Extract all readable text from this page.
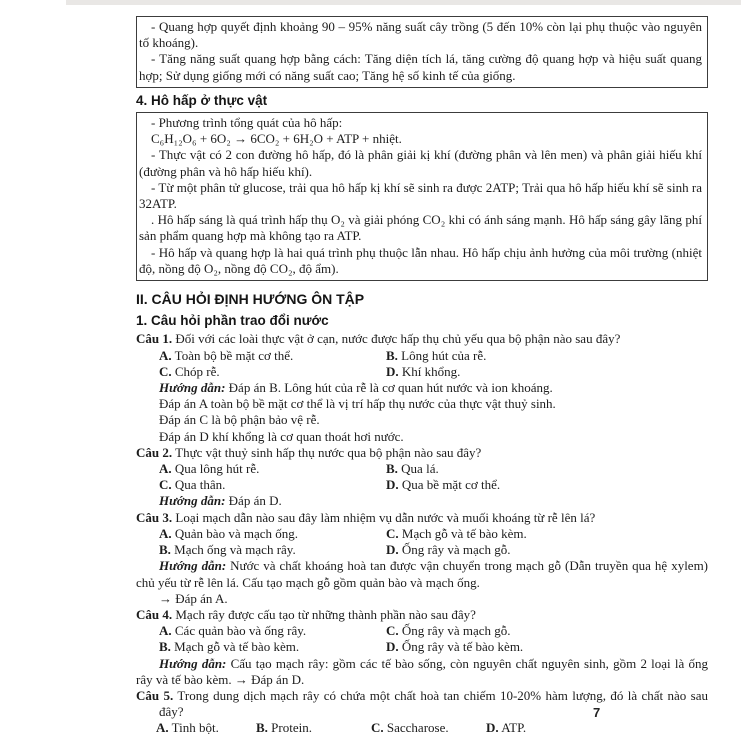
- Quang hợp quyết định khoảng 90 – 95% năng suất cây trồng (5 đến 10% còn lại phụ thuộc vào nguyên tố khoáng).

- Tăng năng suất quang hợp bằng cách: Tăng diện tích lá, tăng cường độ quang hợp và hiệu suất quang hợp; Sử dụng giống mới có năng suất cao; Tăng hệ số kinh tế của giống.

4. Hô hấp ở thực vật

- Phương trình tổng quát của hô hấp:

C₆H₁₂O₆ + 6O₂ → 6CO₂ + 6H₂O + ATP + nhiệt.

- Thực vật có 2 con đường hô hấp, đó là phân giải kị khí (đường phân và lên men) và phân giải hiếu khí (đường phân và hô hấp hiếu khí).

- Từ một phân tử glucose, trải qua hô hấp kị khí sẽ sinh ra được 2ATP; Trải qua hô hấp hiếu khí sẽ sinh ra 32ATP.

. Hô hấp sáng là quá trình hấp thụ O₂ và giải phóng CO₂ khi có ánh sáng mạnh. Hô hấp sáng gây lãng phí sản phẩm quang hợp mà không tạo ra ATP.

- Hô hấp và quang hợp là hai quá trình phụ thuộc lẫn nhau. Hô hấp chịu ảnh hưởng của môi trường (nhiệt độ, nồng độ O₂, nồng độ CO₂, độ ẩm).

II. CÂU HỎI ĐỊNH HƯỚNG ÔN TẬP
1. Câu hỏi phần trao đổi nước

Câu 1. Đối với các loài thực vật ở cạn, nước được hấp thụ chủ yếu qua bộ phận nào sau đây?

A. Toàn bộ bề mặt cơ thể.	B. Lông hút của rễ.
C. Chóp rễ.	D. Khí khổng.

Hướng dẫn: Đáp án B. Lông hút của rễ là cơ quan hút nước và ion khoáng.

Đáp án A toàn bộ bề mặt cơ thể là vị trí hấp thụ nước của thực vật thuỷ sinh.

Đáp án C là bộ phận bảo vệ rễ.

Đáp án D khí khổng là cơ quan thoát hơi nước.

Câu 2. Thực vật thuỷ sinh hấp thụ nước qua bộ phận nào sau đây?

A. Qua lông hút rễ.	B. Qua lá.
C. Qua thân.	D. Qua bề mặt cơ thể.

Hướng dẫn: Đáp án D.

Câu 3. Loại mạch dẫn nào sau đây làm nhiệm vụ dẫn nước và muối khoáng từ rễ lên lá?

A. Quản bào và mạch ống.	C. Mạch gỗ và tế bào kèm.
B. Mạch ống và mạch rây.	D. Ống rây và mạch gỗ.

Hướng dẫn: Nước và chất khoáng hoà tan được vận chuyển trong mạch gỗ (Dẫn truyền qua hệ xylem) chủ yếu từ rễ lên lá. Cấu tạo mạch gỗ gồm quản bào và mạch ống.

→ Đáp án A.

Câu 4. Mạch rây được cấu tạo từ những thành phần nào sau đây?

A. Các quản bào và ống rây.	C. Ống rây và mạch gỗ.
B. Mạch gỗ và tế bào kèm.	D. Ống rây và tế bào kèm.

Hướng dẫn: Cấu tạo mạch rây: gồm các tế bào sống, còn nguyên chất nguyên sinh, gồm 2 loại là ống rây và tế bào kèm. → Đáp án D.

Câu 5. Trong dung dịch mạch rây có chứa một chất hoà tan chiếm 10-20% hàm lượng, đó là chất nào sau đây?

A. Tinh bột.	B. Protein.	C. Saccharose.	D. ATP.
7
